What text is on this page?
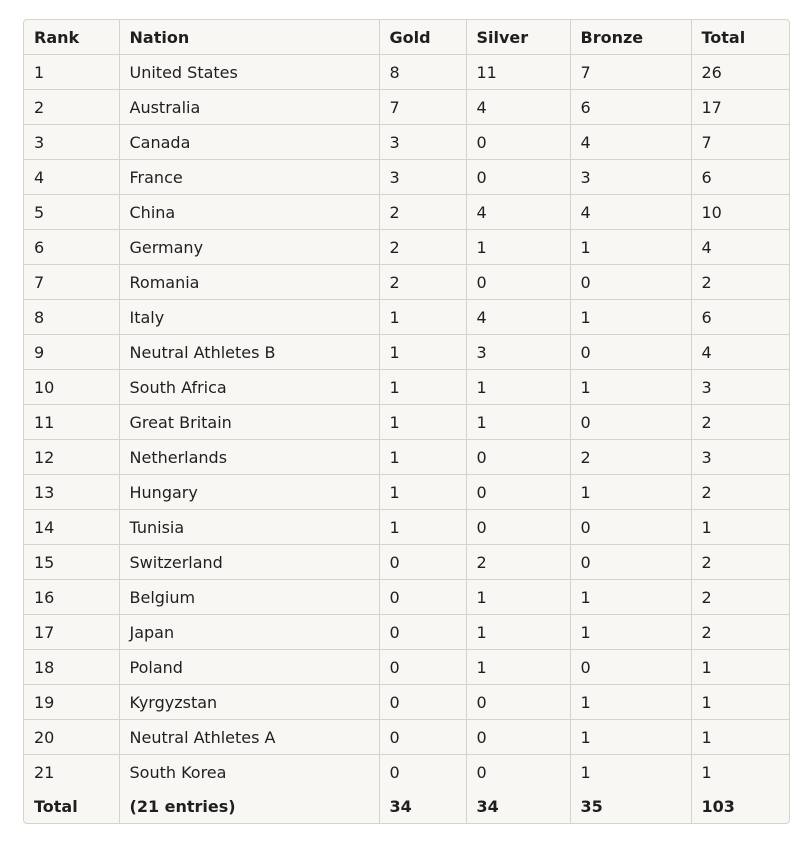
Rank	Nation	Gold	Silver	Bronze	Total
1	United States	8	11	7	26
2	Australia	7	4	6	17
3	Canada	3	0	4	7
4	France	3	0	3	6
5	China	2	4	4	10
6	Germany	2	1	1	4
7	Romania	2	0	0	2
8	Italy	1	4	1	6
9	Neutral Athletes B	1	3	0	4
10	South Africa	1	1	1	3
11	Great Britain	1	1	0	2
12	Netherlands	1	0	2	3
13	Hungary	1	0	1	2
14	Tunisia	1	0	0	1
15	Switzerland	0	2	0	2
16	Belgium	0	1	1	2
17	Japan	0	1	1	2
18	Poland	0	1	0	1
19	Kyrgyzstan	0	0	1	1
20	Neutral Athletes A	0	0	1	1
21	South Korea	0	0	1	1
Total	(21 entries)	34	34	35	103
